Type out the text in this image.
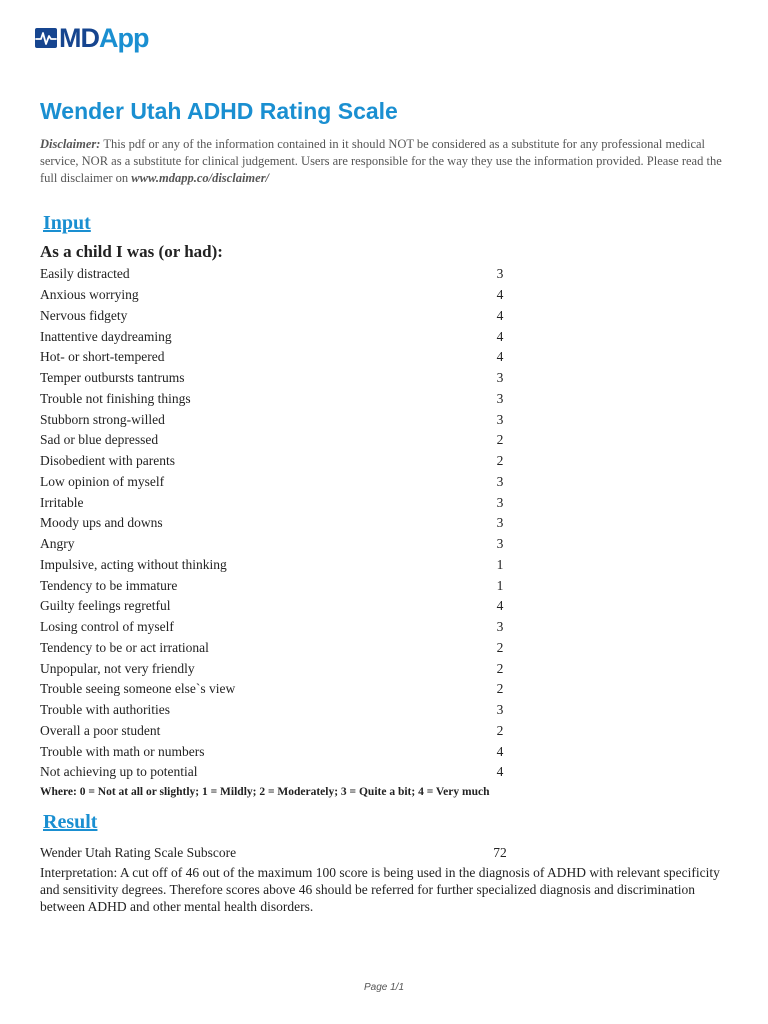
MDApp
Wender Utah ADHD Rating Scale

Disclaimer: This pdf or any of the information contained in it should NOT be considered as a substitute for any professional medical service, NOR as a substitute for clinical judgement. Users are responsible for the way they use the information provided. Please read the full disclaimer on www.mdapp.co/disclaimer/

Input
As a child I was (or had):
Easily distracted	3
Anxious worrying	4
Nervous fidgety	4
Inattentive daydreaming	4
Hot- or short-tempered	4
Temper outbursts tantrums	3
Trouble not finishing things	3
Stubborn strong-willed	3
Sad or blue depressed	2
Disobedient with parents	2
Low opinion of myself	3
Irritable	3
Moody ups and downs	3
Angry	3
Impulsive, acting without thinking	1
Tendency to be immature	1
Guilty feelings regretful	4
Losing control of myself	3
Tendency to be or act irrational	2
Unpopular, not very friendly	2
Trouble seeing someone else`s view	2
Trouble with authorities	3
Overall a poor student	2
Trouble with math or numbers	4
Not achieving up to potential	4

Where: 0 = Not at all or slightly; 1 = Mildly; 2 = Moderately; 3 = Quite a bit; 4 = Very much

Result
Wender Utah Rating Scale Subscore	72

Interpretation: A cut off of 46 out of the maximum 100 score is being used in the diagnosis of ADHD with relevant specificity and sensitivity degrees. Therefore scores above 46 should be referred for further specialized diagnosis and discrimination between ADHD and other mental health disorders.

Page 1/1
